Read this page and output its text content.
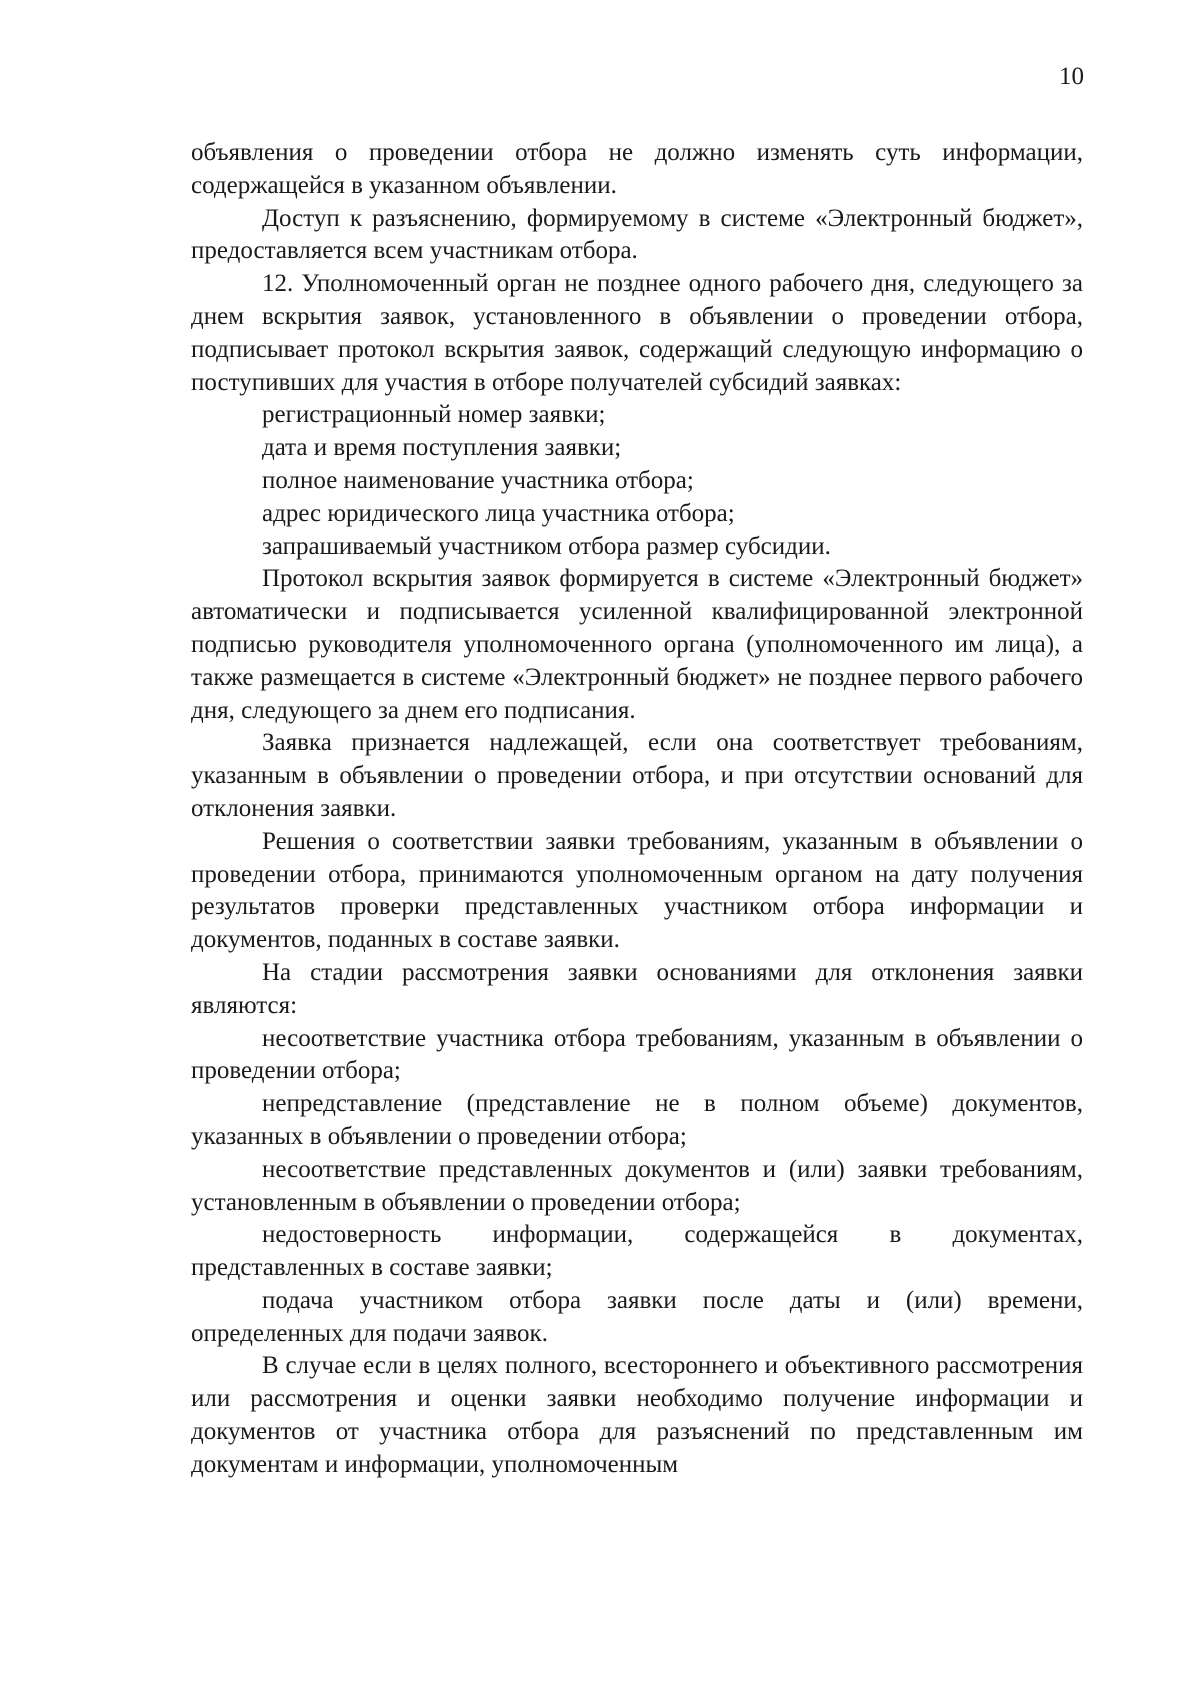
10

объявления о проведении отбора не должно изменять суть информации, содержащейся в указанном объявлении.

Доступ к разъяснению, формируемому в системе «Электронный бюджет», предоставляется всем участникам отбора.

12. Уполномоченный орган не позднее одного рабочего дня, следующего за днем вскрытия заявок, установленного в объявлении о проведении отбора, подписывает протокол вскрытия заявок, содержащий следующую информацию о поступивших для участия в отборе получателей субсидий заявках:

регистрационный номер заявки;
дата и время поступления заявки;
полное наименование участника отбора;
адрес юридического лица участника отбора;
запрашиваемый участником отбора размер субсидии.

Протокол вскрытия заявок формируется в системе «Электронный бюджет» автоматически и подписывается усиленной квалифицированной электронной подписью руководителя уполномоченного органа (уполномоченного им лица), а также размещается в системе «Электронный бюджет» не позднее первого рабочего дня, следующего за днем его подписания.

Заявка признается надлежащей, если она соответствует требованиям, указанным в объявлении о проведении отбора, и при отсутствии оснований для отклонения заявки.

Решения о соответствии заявки требованиям, указанным в объявлении о проведении отбора, принимаются уполномоченным органом на дату получения результатов проверки представленных участником отбора информации и документов, поданных в составе заявки.

На стадии рассмотрения заявки основаниями для отклонения заявки являются:

несоответствие участника отбора требованиям, указанным в объявлении о проведении отбора;

непредставление (представление не в полном объеме) документов, указанных в объявлении о проведении отбора;

несоответствие представленных документов и (или) заявки требованиям, установленным в объявлении о проведении отбора;

недостоверность информации, содержащейся в документах, представленных в составе заявки;

подача участником отбора заявки после даты и (или) времени, определенных для подачи заявок.

В случае если в целях полного, всестороннего и объективного рассмотрения или рассмотрения и оценки заявки необходимо получение информации и документов от участника отбора для разъяснений по представленным им документам и информации, уполномоченным
